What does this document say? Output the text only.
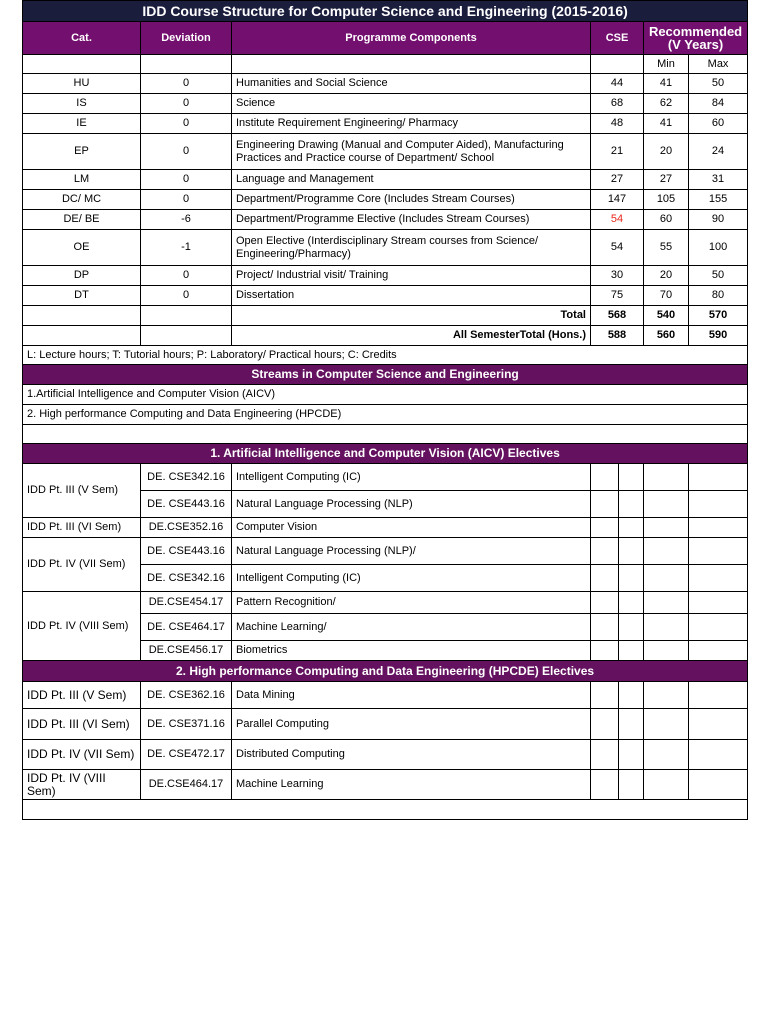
IDD Course Structure for Computer Science and Engineering (2015-2016)						
Cat.	Deviation	Programme Components	CSE		Recommended (V Years)	
					Min	Max
HU	0	Humanities and Social Science	44		41	50
IS	0	Science	68		62	84
IE	0	Institute Requirement Engineering/ Pharmacy	48		41	60
EP	0	Engineering Drawing (Manual and Computer Aided), Manufacturing Practices and Practice course of Department/ School	21		20	24
LM	0	Language and Management	27		27	31
DC/ MC	0	Department/Programme Core (Includes Stream Courses)	147		105	155
DE/ BE	-6	Department/Programme Elective (Includes Stream Courses)	54		60	90
OE	-1	Open Elective (Interdisciplinary Stream courses from Science/ Engineering/Pharmacy)	54		55	100
DP	0	Project/ Industrial visit/ Training	30		20	50
DT	0	Dissertation	75		70	80
		Total	568		540	570
		All SemesterTotal (Hons.)	588		560	590
L: Lecture hours; T: Tutorial hours; P: Laboratory/ Practical hours; C: Credits						
Streams in Computer Science and Engineering						
1.Artificial Intelligence and Computer Vision (AICV)						
2. High performance Computing and Data Engineering (HPCDE)						

1. Artificial Intelligence and Computer Vision (AICV) Electives						
IDD Pt. III (V Sem)	DE. CSE342.16	Intelligent Computing (IC)				
	DE. CSE443.16	Natural Language Processing (NLP)				
IDD Pt. III (VI Sem)	DE.CSE352.16	Computer Vision				
IDD Pt. IV (VII Sem)	DE. CSE443.16	Natural Language Processing (NLP)/				
	DE. CSE342.16	Intelligent Computing (IC)				
IDD Pt. IV (VIII Sem)	DE.CSE454.17	Pattern Recognition/				
	DE. CSE464.17	Machine Learning/				
	DE.CSE456.17	Biometrics				
2. High performance Computing and Data Engineering (HPCDE) Electives						
IDD Pt. III (V Sem)	DE. CSE362.16	Data Mining				
IDD Pt. III (VI Sem)	DE. CSE371.16	Parallel Computing				
IDD Pt. IV (VII Sem)	DE. CSE472.17	Distributed Computing				
IDD Pt. IV (VIII Sem)	DE.CSE464.17	Machine Learning				
